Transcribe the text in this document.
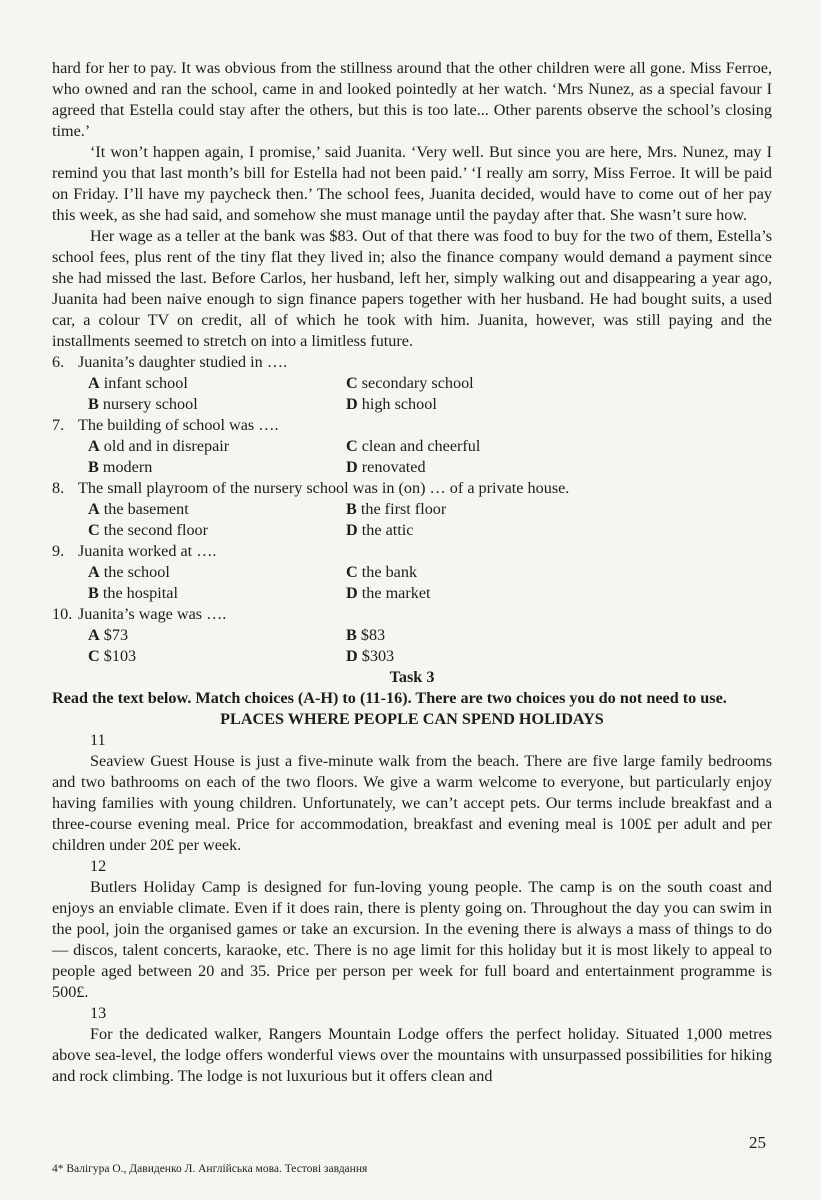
hard for her to pay. It was obvious from the stillness around that the other children were all gone. Miss Ferroe, who owned and ran the school, came in and looked pointedly at her watch. ‘Mrs Nunez, as a special favour I agreed that Estella could stay after the others, but this is too late... Other parents observe the school’s closing time.’

‘It won’t happen again, I promise,’ said Juanita. ‘Very well. But since you are here, Mrs. Nunez, may I remind you that last month’s bill for Estella had not been paid.’ ‘I really am sorry, Miss Ferroe. It will be paid on Friday. I’ll have my paycheck then.’ The school fees, Juanita decided, would have to come out of her pay this week, as she had said, and somehow she must manage until the payday after that. She wasn’t sure how.

Her wage as a teller at the bank was $83. Out of that there was food to buy for the two of them, Estella’s school fees, plus rent of the tiny flat they lived in; also the finance company would demand a payment since she had missed the last. Before Carlos, her husband, left her, simply walking out and disappearing a year ago, Juanita had been naive enough to sign finance papers together with her husband. He had bought suits, a used car, a colour TV on credit, all of which he took with him. Juanita, however, was still paying and the installments seemed to stretch on into a limitless future.

6. Juanita’s daughter studied in ….
A infant school	C secondary school
B nursery school	D high school
7. The building of school was ….
A old and in disrepair	C clean and cheerful
B modern	D renovated
8. The small playroom of the nursery school was in (on) … of a private house.
A the basement	B the first floor
C the second floor	D the attic
9. Juanita worked at ….
A the school	C the bank
B the hospital	D the market
10. Juanita’s wage was ….
A $73	B $83
C $103	D $303
Task 3
Read the text below. Match choices (A-H) to (11-16). There are two choices you do not need to use.
PLACES WHERE PEOPLE CAN SPEND HOLIDAYS
11

Seaview Guest House is just a five-minute walk from the beach. There are five large family bedrooms and two bathrooms on each of the two floors. We give a warm welcome to everyone, but particularly enjoy having families with young children. Unfortunately, we can’t accept pets. Our terms include breakfast and a three-course evening meal. Price for accommodation, breakfast and evening meal is 100£ per adult and per children under 20£ per week.

12

Butlers Holiday Camp is designed for fun-loving young people. The camp is on the south coast and enjoys an enviable climate. Even if it does rain, there is plenty going on. Throughout the day you can swim in the pool, join the organised games or take an excursion. In the evening there is always a mass of things to do — discos, talent concerts, karaoke, etc. There is no age limit for this holiday but it is most likely to appeal to people aged between 20 and 35. Price per person per week for full board and entertainment programme is 500£.

13

For the dedicated walker, Rangers Mountain Lodge offers the perfect holiday. Situated 1,000 metres above sea-level, the lodge offers wonderful views over the mountains with unsurpassed possibilities for hiking and rock climbing. The lodge is not luxurious but it offers clean and

25
4* Валігура О., Давиденко Л. Англійська мова. Тестові завдання
